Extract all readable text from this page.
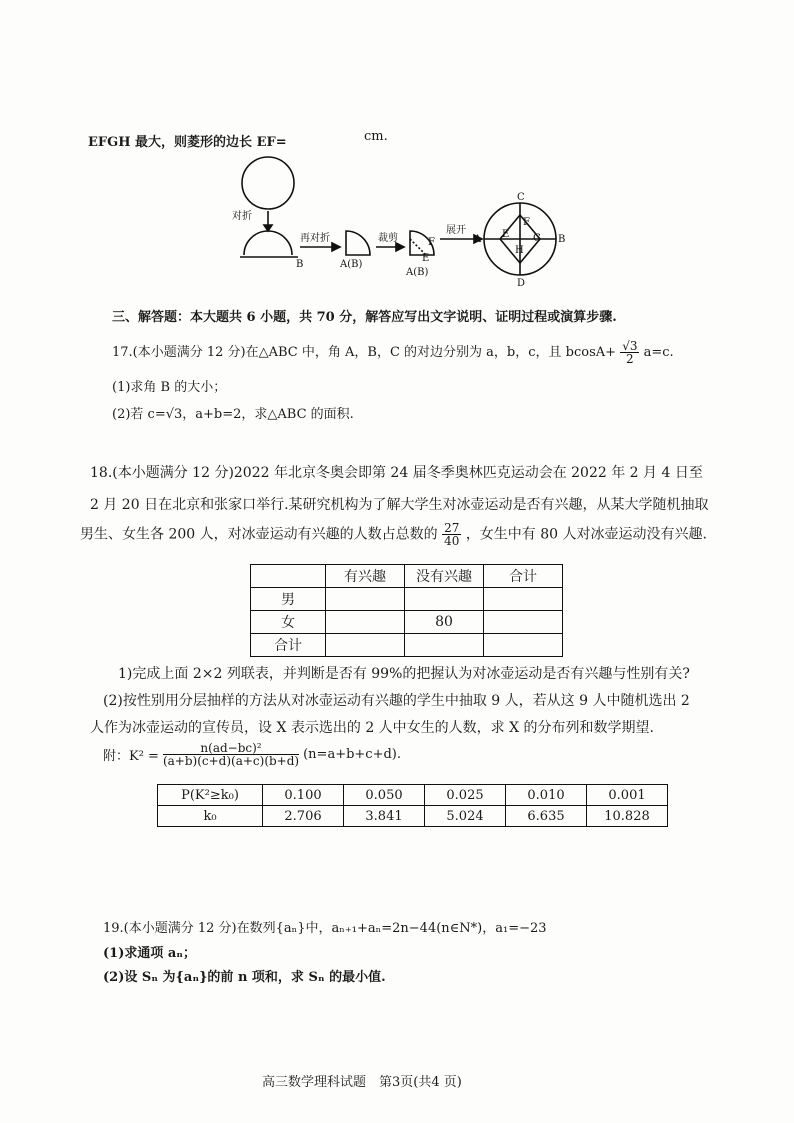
EFGH 最大，则菱形的边长 EF=	cm.
对折
B
再对折
A(B)
裁剪
A(B)
E
F
展开
C
D
A	B
E
F
G
H
三、解答题：本大题共 6 小题，共 70 分，解答应写出文字说明、证明过程或演算步骤.
17.(本小题满分 12 分)在△ABC 中，角 A，B，C 的对边分别为 a，b，c，且 $bcosA+ \frac{√3}{2} a=c$.
(1)求角 B 的大小；
(2)若 c=√3，a+b=2，求△ABC 的面积.
18.(本小题满分 12 分)2022 年北京冬奥会即第 24 届冬季奥林匹克运动会在 2022 年 2 月 4 日至
2 月 20 日在北京和张家口举行.某研究机构为了解大学生对冰壶运动是否有兴趣，从某大学随机抽取
男生、女生各 200 人，对冰壶运动有兴趣的人数占总数的 $\frac{27}{40}$ ，女生中有 80 人对冰壶运动没有兴趣.
	有兴趣	没有兴趣	合计
男			
女		80	
合计			
1)完成上面 2×2 列联表，并判断是否有 99%的把握认为对冰壶运动是否有兴趣与性别有关?
(2)按性别用分层抽样的方法从对冰壶运动有兴趣的学生中抽取 9 人，若从这 9 人中随机选出 2
人作为冰壶运动的宣传员，设 X 表示选出的 2 人中女生的人数，求 X 的分布列和数学期望.
附：$K^2 = \frac{\text{n(ad−bc)²}}{(a+b)(c+d)(a+c)(b+d)} (n=a+b+c+d)$.
P(K²≥k₀)	0.100	0.050	0.025	0.010	0.001
k₀	2.706	3.841	5.024	6.635	10.828
19.(本小题满分 12 分)在数列{aₙ}中，aₙ₊₁+aₙ=2n−44(n∈N*)，a₁=−23
(1)求通项 aₙ；
(2)设 Sₙ 为{aₙ}的前 n 项和，求 Sₙ 的最小值.
高三数学理科试题　第3页(共4 页)
